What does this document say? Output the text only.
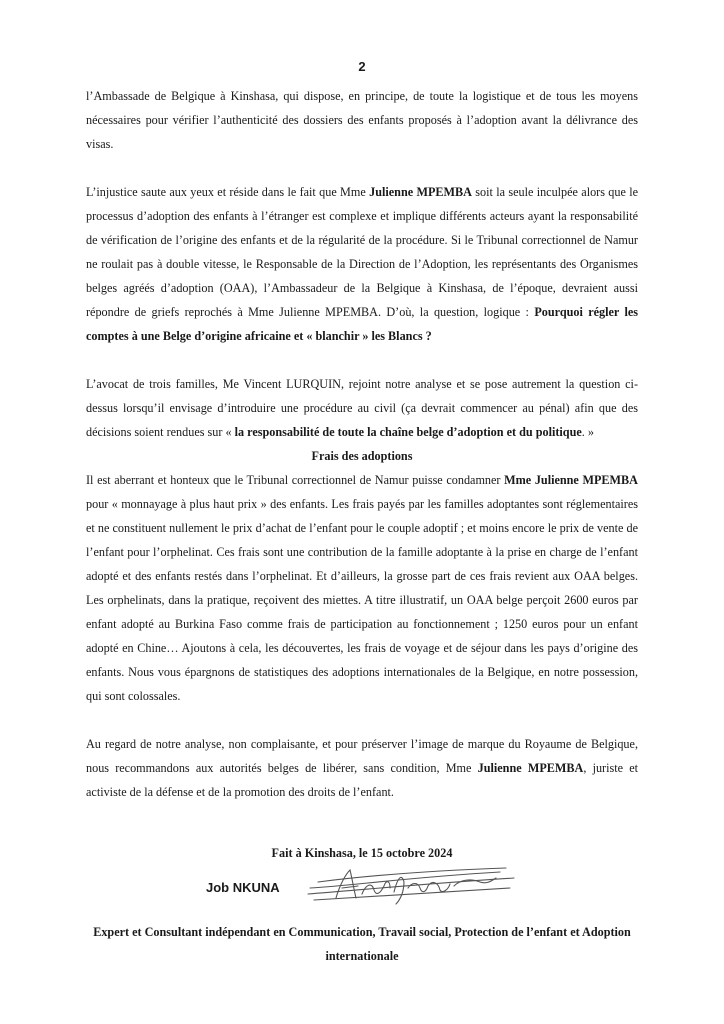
2

l’Ambassade de Belgique à Kinshasa, qui dispose, en principe, de toute la logistique et de tous les moyens nécessaires pour vérifier l’authenticité des dossiers des enfants proposés à l’adoption avant la délivrance des visas.

L’injustice saute aux yeux et réside dans le fait que Mme Julienne MPEMBA soit la seule inculpée alors que le processus d’adoption des enfants à l’étranger est complexe et implique différents acteurs ayant la responsabilité de vérification de l’origine des enfants et de la régularité de la procédure. Si le Tribunal correctionnel de Namur ne roulait pas à double vitesse, le Responsable de la Direction de l’Adoption, les représentants des Organismes belges agréés d’adoption (OAA), l’Ambassadeur de la Belgique à Kinshasa, de l’époque, devraient aussi répondre de griefs reprochés à Mme Julienne MPEMBA. D’où, la question, logique : Pourquoi régler les comptes à une Belge d’origine africaine et « blanchir » les Blancs ?

L’avocat de trois familles, Me Vincent LURQUIN, rejoint notre analyse et se pose autrement la question ci-dessus lorsqu’il envisage d’introduire une procédure au civil (ça devrait commencer au pénal) afin que des décisions soient rendues sur « la responsabilité de toute la chaîne belge d’adoption et du politique. »

Frais des adoptions

Il est aberrant et honteux que le Tribunal correctionnel de Namur puisse condamner Mme Julienne MPEMBA pour « monnayage à plus haut prix » des enfants. Les frais payés par les familles adoptantes sont réglementaires et ne constituent nullement le prix d’achat de l’enfant pour le couple adoptif ; et moins encore le prix de vente de l’enfant pour l’orphelinat. Ces frais sont une contribution de la famille adoptante à la prise en charge de l’enfant adopté et des enfants restés dans l’orphelinat. Et d’ailleurs, la grosse part de ces frais revient aux OAA belges. Les orphelinats, dans la pratique, reçoivent des miettes. A titre illustratif, un OAA belge perçoit 2600 euros par enfant adopté au Burkina Faso comme frais de participation au fonctionnement ; 1250 euros pour un enfant adopté en Chine… Ajoutons à cela, les découvertes, les frais de voyage et de séjour dans les pays d’origine des enfants. Nous vous épargnons de statistiques des adoptions internationales de la Belgique, en notre possession, qui sont colossales.

Au regard de notre analyse, non complaisante, et pour préserver l’image de marque du Royaume de Belgique, nous recommandons aux autorités belges de libérer, sans condition, Mme Julienne MPEMBA, juriste et activiste de la défense et de la promotion des droits de l’enfant.

Fait à Kinshasa, le 15 octobre 2024
Job NKUNA
Expert et Consultant indépendant en Communication, Travail social, Protection de l’enfant et Adoption internationale
